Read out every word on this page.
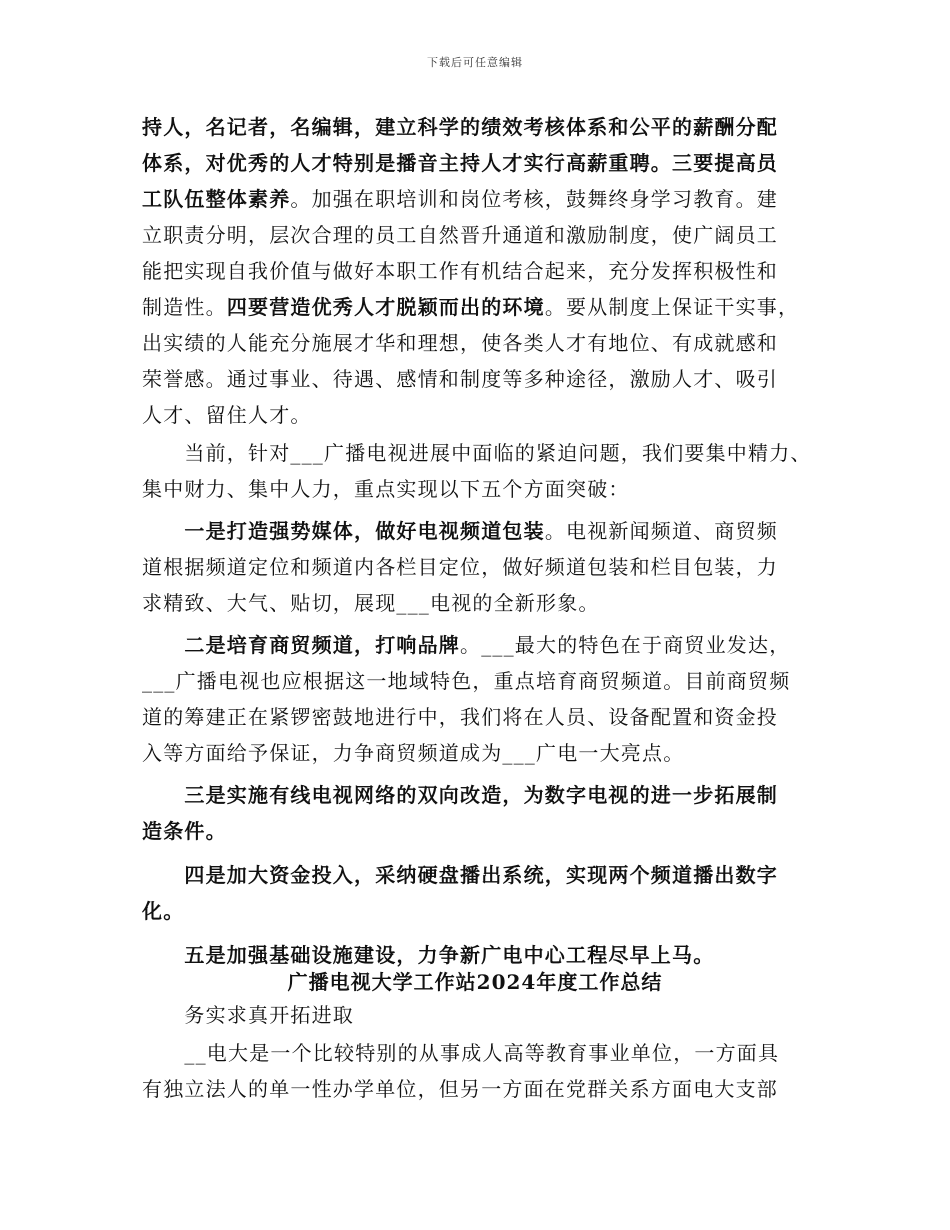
下载后可任意编辑
持人，名记者，名编辑，建立科学的绩效考核体系和公平的薪酬分配
体系，对优秀的人才特别是播音主持人才实行高薪重聘。三要提高员
工队伍整体素养。加强在职培训和岗位考核，鼓舞终身学习教育。建
立职责分明，层次合理的员工自然晋升通道和激励制度，使广阔员工
能把实现自我价值与做好本职工作有机结合起来，充分发挥积极性和
制造性。四要营造优秀人才脱颖而出的环境。要从制度上保证干实事，
出实绩的人能充分施展才华和理想，使各类人才有地位、有成就感和
荣誉感。通过事业、待遇、感情和制度等多种途径，激励人才、吸引
人才、留住人才。
　　当前，针对___广播电视进展中面临的紧迫问题，我们要集中精力、
集中财力、集中人力，重点实现以下五个方面突破：
　　一是打造强势媒体，做好电视频道包装。电视新闻频道、商贸频
道根据频道定位和频道内各栏目定位，做好频道包装和栏目包装，力
求精致、大气、贴切，展现___电视的全新形象。
　　二是培育商贸频道，打响品牌。___最大的特色在于商贸业发达，
___广播电视也应根据这一地域特色，重点培育商贸频道。目前商贸频
道的筹建正在紧锣密鼓地进行中，我们将在人员、设备配置和资金投
入等方面给予保证，力争商贸频道成为___广电一大亮点。
　　三是实施有线电视网络的双向改造，为数字电视的进一步拓展制
造条件。
　　四是加大资金投入，采纳硬盘播出系统，实现两个频道播出数字
化。
　　五是加强基础设施建设，力争新广电中心工程尽早上马。
广播电视大学工作站2024年度工作总结
　　务实求真开拓进取
　　__电大是一个比较特别的从事成人高等教育事业单位，一方面具
有独立法人的单一性办学单位，但另一方面在党群关系方面电大支部
